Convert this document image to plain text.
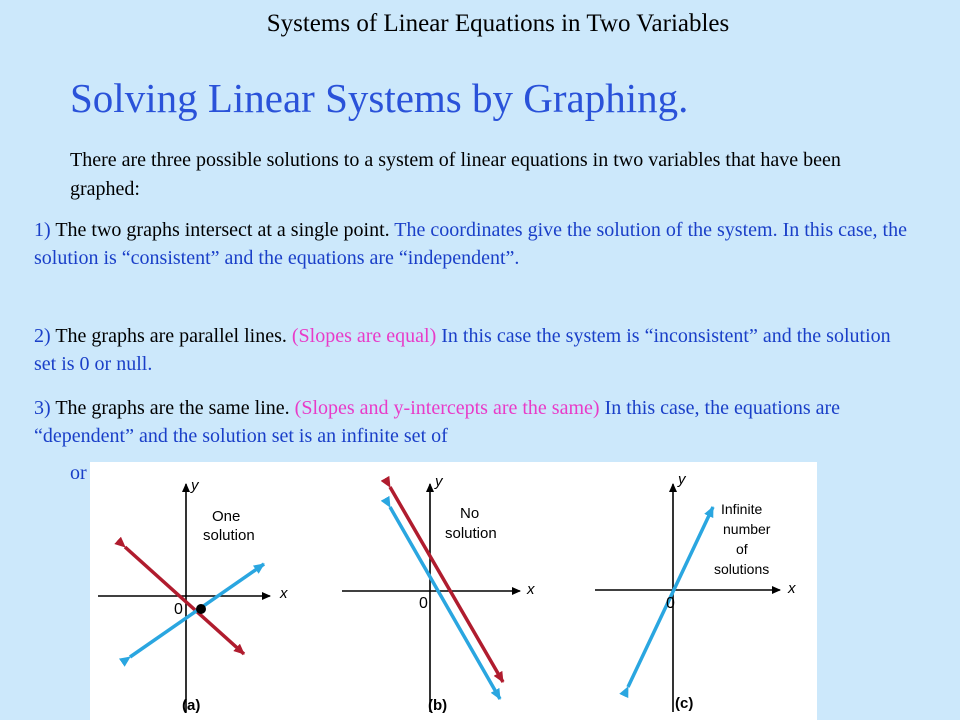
Systems of Linear Equations in Two Variables
Solving Linear Systems by Graphing.
There are three possible solutions to a system of linear equations in two variables that have been graphed:
1) The two graphs intersect at a single point. The coordinates give the solution of the system. In this case, the solution is “consistent” and the equations are “independent”.
2) The graphs are parallel lines. (Slopes are equal) In this case the system is “inconsistent” and the solution set is 0 or null.
3) The graphs are the same line. (Slopes and y-intercepts are the same) In this case, the equations are “dependent” and the solution set is an infinite set of
or
y
x
0
One
solution
(a)
y
x
0
No
solution
(b)
y
x
0
Infinite
number
of
solutions
(c)
